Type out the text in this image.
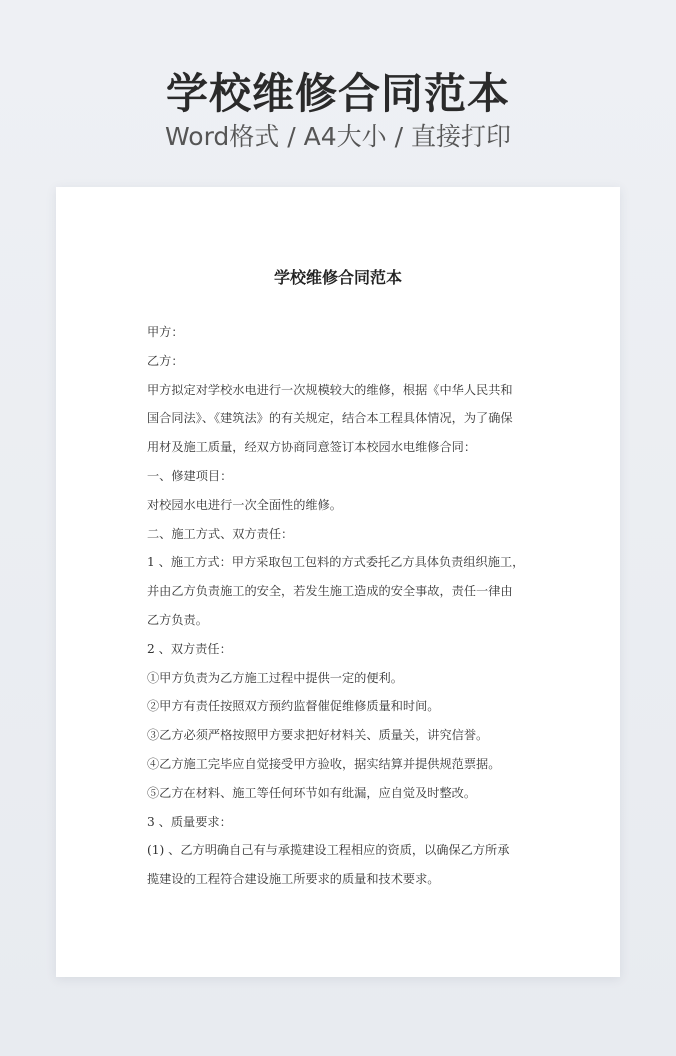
学校维修合同范本
Word格式 / A4大小 / 直接打印
学校维修合同范本
甲方：
乙方：
甲方拟定对学校水电进行一次规模较大的维修，根据《中华人民共和
国合同法》、《建筑法》的有关规定，结合本工程具体情况，为了确保
用材及施工质量，经双方协商同意签订本校园水电维修合同：
一、修建项目：
对校园水电进行一次全面性的维修。
二、施工方式、双方责任：
1 、施工方式：甲方采取包工包料的方式委托乙方具体负责组织施工，
并由乙方负责施工的安全，若发生施工造成的安全事故，责任一律由
乙方负责。
2 、双方责任：
①甲方负责为乙方施工过程中提供一定的便利。
②甲方有责任按照双方预约监督催促维修质量和时间。
③乙方必须严格按照甲方要求把好材料关、质量关，讲究信誉。
④乙方施工完毕应自觉接受甲方验收，据实结算并提供规范票据。
⑤乙方在材料、施工等任何环节如有纰漏，应自觉及时整改。
3 、质量要求：
(1) 、乙方明确自己有与承揽建设工程相应的资质，以确保乙方所承
揽建设的工程符合建设施工所要求的质量和技术要求。
